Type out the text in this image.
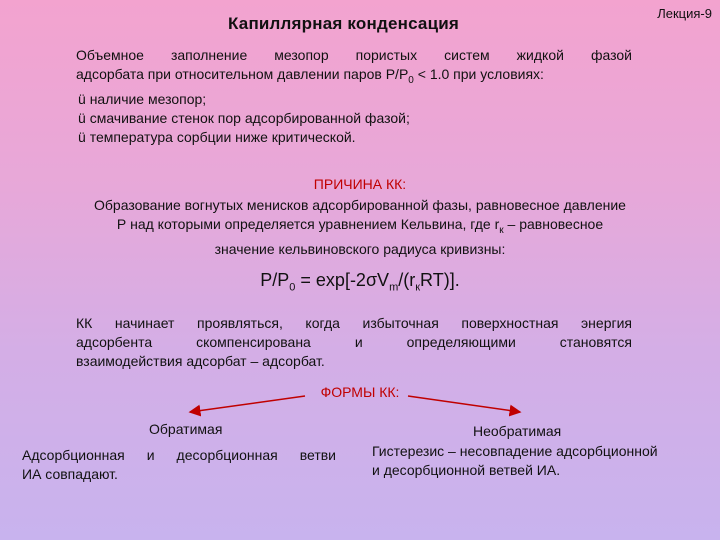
Капиллярная конденсация
Лекция-9
Объемное заполнение мезопор пористых систем жидкой фазой
адсорбата при относительном давлении паров $Р/Р_0 < 1.0$ при условиях:
ü наличие мезопор;
ü смачивание стенок пор адсорбированной фазой;
ü температура сорбции ниже критической.
ПРИЧИНА КК:
Образование вогнутых менисков адсорбированной фазы, равновесное давление
Р над которыми определяется уравнением Кельвина, где $r_к$ – равновесное
значение кельвиновского радиуса кривизны:
$Р/Р_0 = \exp[-2\sigma V_m/(r_кRT)]$.
КК начинает проявляться, когда избыточная поверхностная энергия
адсорбента скомпенсирована и определяющими становятся
взаимодействия адсорбат – адсорбат.
ФОРМЫ КК:
Обратимая
Адсорбционная и десорбционная ветви
ИА совпадают.
Необратимая
Гистерезис – несовпадение адсорбционной
и десорбционной ветвей ИА.
